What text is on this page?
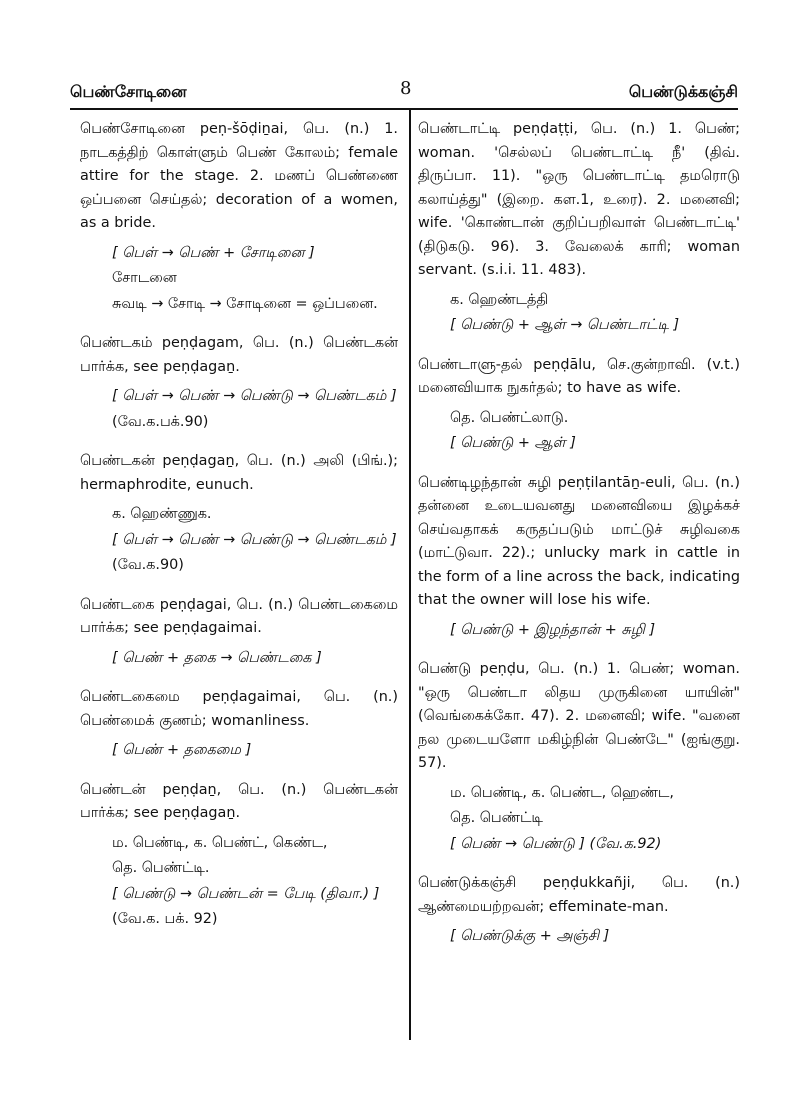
பெண்சோடினை	8	பெண்டுக்கஞ்சி
பெண்சோடினை peṇ-šōḍiṉai, பெ. (n.) 1. நாடகத்திற் கொள்ளும் பெண் கோலம்; female attire for the stage. 2. மணப் பெண்ணை ஒப்பனை செய்தல்; decoration of a women, as a bride.
[ பெள் → பெண் + சோடினை ]
சோடனை
சுவடி → சோடி → சோடினை = ஒப்பனை.
பெண்டகம் peṇḍagam, பெ. (n.) பெண்டகன் பார்க்க, see peṇḍagaṉ.
[ பெள் → பெண் → பெண்டு → பெண்டகம் ]
(வே.க.பக்.90)
பெண்டகன் peṇḍagaṉ, பெ. (n.) அலி (பிங்.); hermaphrodite, eunuch.
க. ஹெண்ணுக.
[ பெள் → பெண் → பெண்டு → பெண்டகம் ]
(வே.க.90)
பெண்டகை peṇḍagai, பெ. (n.) பெண்டகைமை பார்க்க; see peṇḍagaimai.
[ பெண் + தகை → பெண்டகை ]
பெண்டகைமை peṇḍagaimai, பெ. (n.) பெண்மைக் குணம்; womanliness.
[ பெண் + தகைமை ]
பெண்டன் peṇḍaṉ, பெ. (n.) பெண்டகன் பார்க்க; see peṇḍagaṉ.
ம. பெண்டி, க. பெண்ட், கெண்ட,
தெ. பெண்ட்டி.
[ பெண்டு → பெண்டன் = பேடி (திவா.) ]
(வே.க. பக். 92)
பெண்டாட்டி peṇḍaṭṭi, பெ. (n.) 1. பெண்; woman. 'செல்லப் பெண்டாட்டி நீ' (திவ். திருப்பா. 11). "ஒரு பெண்டாட்டி தமரொடு கலாய்த்து" (இறை. கள.1, உரை). 2. மனைவி; wife. 'கொண்டான் குறிப்பறிவாள் பெண்டாட்டி' (திடுகடு. 96). 3. வேலைக் காரி; woman servant. (s.i.i. 11. 483).
க. ஹெண்டத்தி
[ பெண்டு + ஆள் → பெண்டாட்டி ]
பெண்டாளு-தல் peṇḍālu, செ.குன்றாவி. (v.t.) மனைவியாக நுகர்தல்; to have as wife.
தெ. பெண்ட்லாடு.
[ பெண்டு + ஆள் ]
பெண்டிழந்தான் சுழி peṇṭilantāṉ-euli, பெ. (n.) தன்னை உடையவனது மனைவியை இழக்கச் செய்வதாகக் கருதப்படும் மாட்டுச் சுழிவகை (மாட்டுவா. 22).; unlucky mark in cattle in the form of a line across the back, indicating that the owner will lose his wife.
[ பெண்டு + இழந்தான் + சுழி ]
பெண்டு peṇḍu, பெ. (n.) 1. பெண்; woman. "ஒரு பெண்டா லிதய முருகினை யாயின்" (வெங்கைக்கோ. 47). 2. மனைவி; wife. "வனை நல முடையளோ மகிழ்நின் பெண்டே" (ஐங்குறு. 57).
ம. பெண்டி, க. பெண்ட, ஹெண்ட,
தெ. பெண்ட்டி
[ பெண் → பெண்டு ] (வே.க.92)
பெண்டுக்கஞ்சி peṇḍukkañji, பெ. (n.) ஆண்மையற்றவன்; effeminate-man.
[ பெண்டுக்கு + அஞ்சி ]
